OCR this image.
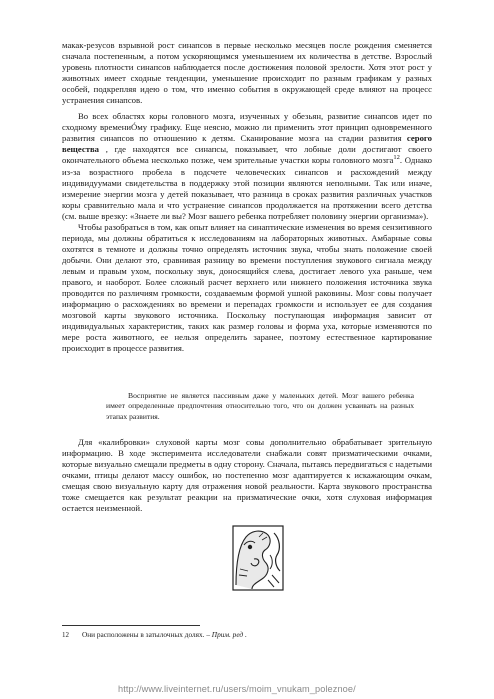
макак-резусов взрывной рост синапсов в первые несколько месяцев после рождения сменяется сначала постепенным, а потом ускоряющимся уменьшением их количества в детстве. Взрослый уровень плотности синапсов наблюдается после достижения половой зрелости. Хотя этот рост у животных имеет сходные тенденции, уменьшение происходит по разным графикам у разных особей, подкрепляя идею о том, что именно события в окружающей среде влияют на процесс устранения синапсов.

Во всех областях коры головного мозга, изученных у обезьян, развитие синапсов идет по сходному времениÓму графику. Еще неясно, можно ли применить этот принцип одновременного развития синапсов по отношению к детям. Сканирование мозга на стадии развития серого вещества , где находятся все синапсы, показывает, что лобные доли достигают своего окончательного объема несколько позже, чем зрительные участки коры головного мозга$^{12}$. Однако из-за возрастного пробела в подсчете человеческих синапсов и расхождений между индивидуумами свидетельства в поддержку этой позиции являются неполными. Так или иначе, измерение энергии мозга у детей показывает, что разница в сроках развития различных участков коры сравнительно мала и что устранение синапсов продолжается на протяжении всего детства (см. выше врезку: «Знаете ли вы? Мозг вашего ребенка потребляет половину энергии организма»).

Чтобы разобраться в том, как опыт влияет на синаптические изменения во время сензитивного периода, мы должны обратиться к исследованиям на лабораторных животных. Амбарные совы охотятся в темноте и должны точно определять источник звука, чтобы знать положение своей добычи. Они делают это, сравнивая разницу во времени поступления звукового сигнала между левым и правым ухом, поскольку звук, доносящийся слева, достигает левого уха раньше, чем правого, и наоборот. Более сложный расчет верхнего или нижнего положения источника звука проводится по различиям громкости, создаваемым формой ушной раковины. Мозг совы получает информацию о расхождениях во времени и перепадах громкости и использует ее для создания мозговой карты звукового источника. Поскольку поступающая информация зависит от индивидуальных характеристик, таких как размер головы и форма уха, которые изменяются по мере роста животного, ее нельзя определить заранее, поэтому естественное картирование происходит в процессе развития.

Восприятие не является пассивным даже у маленьких детей. Мозг вашего ребенка имеет определенные предпочтения относительно того, что он должен усваивать на разных этапах развития.

Для «калибровки» слуховой карты мозг совы дополнительно обрабатывает зрительную информацию. В ходе эксперимента исследователи снабжали совят призматическими очками, которые визуально смещали предметы в одну сторону. Сначала, пытаясь передвигаться с надетыми очками, птицы делают массу ошибок, но постепенно мозг адаптируется к искажающим очкам, смещая свою визуальную карту для отражения новой реальности. Карта звукового пространства тоже смещается как результат реакции на призматические очки, хотя слуховая информация остается неизменной.

12 Они расположены в затылочных долях. – Прим. ред .
http://www.liveinternet.ru/users/moim_vnukam_poleznoe/
